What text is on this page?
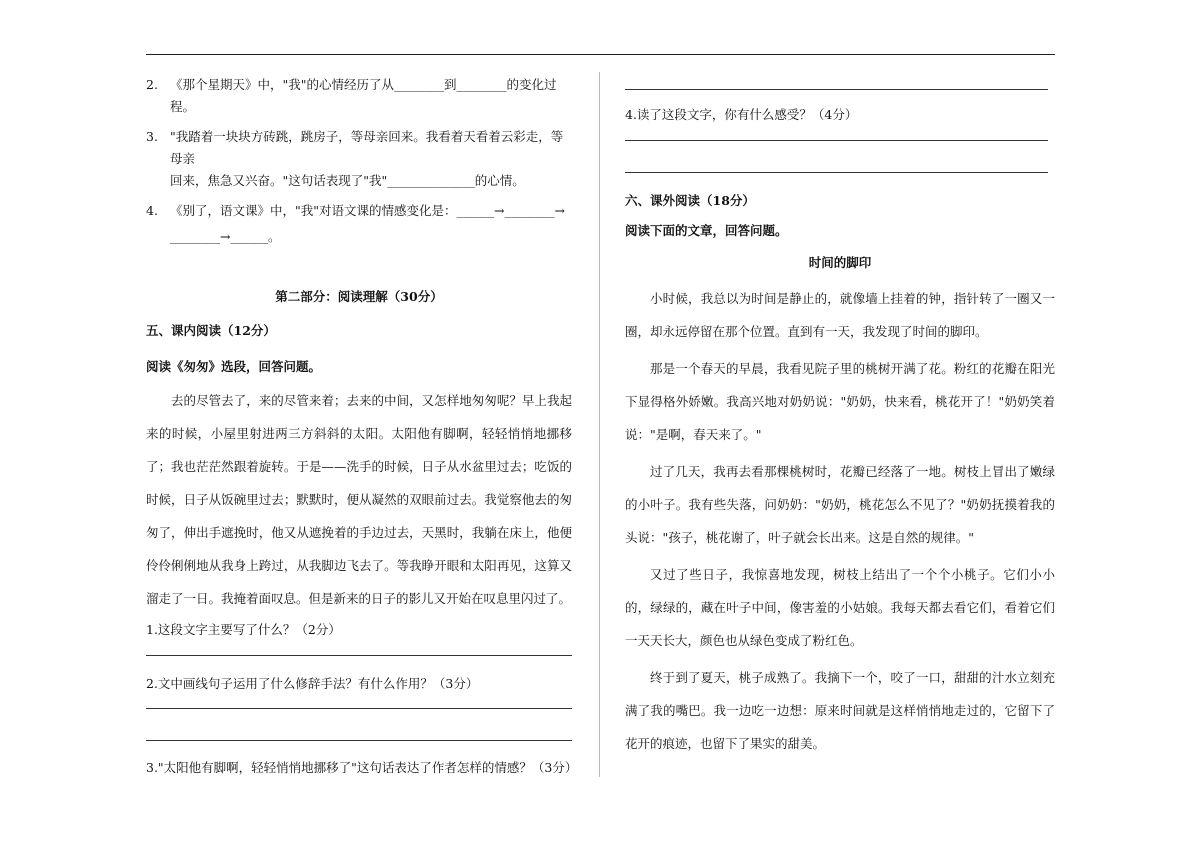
2. 《那个星期天》中，"我"的心情经历了从________到________的变化过程。
3. "我踏着一块块方砖跳，跳房子，等母亲回来。我看着天看着云彩走，等母亲

回来，焦急又兴奋。"这句话表现了"我"______________的心情。

4. 《别了，语文课》中，"我"对语文课的情感变化是：______→________→

________→______。

第二部分：阅读理解（30分）

五、课内阅读（12分）

阅读《匆匆》选段，回答问题。

去的尽管去了，来的尽管来着；去来的中间，又怎样地匆匆呢？早上我起来的时候，小屋里射进两三方斜斜的太阳。太阳他有脚啊，轻轻悄悄地挪移了；我也茫茫然跟着旋转。于是——洗手的时候，日子从水盆里过去；吃饭的时候，日子从饭碗里过去；默默时，便从凝然的双眼前过去。我觉察他去的匆匆了，伸出手遮挽时，他又从遮挽着的手边过去，天黑时，我躺在床上，他便伶伶俐俐地从我身上跨过，从我脚边飞去了。等我睁开眼和太阳再见，这算又溜走了一日。我掩着面叹息。但是新来的日子的影儿又开始在叹息里闪过了。

1.这段文字主要写了什么？（2分）

2.文中画线句子运用了什么修辞手法？有什么作用？（3分）

3."太阳他有脚啊，轻轻悄悄地挪移了"这句话表达了作者怎样的情感？（3分）

4.读了这段文字，你有什么感受？（4分）

六、课外阅读（18分）

阅读下面的文章，回答问题。

时间的脚印

小时候，我总以为时间是静止的，就像墙上挂着的钟，指针转了一圈又一圈，却永远停留在那个位置。直到有一天，我发现了时间的脚印。

那是一个春天的早晨，我看见院子里的桃树开满了花。粉红的花瓣在阳光下显得格外娇嫩。我高兴地对奶奶说："奶奶，快来看，桃花开了！"奶奶笑着说："是啊，春天来了。"

过了几天，我再去看那棵桃树时，花瓣已经落了一地。树枝上冒出了嫩绿的小叶子。我有些失落，问奶奶："奶奶，桃花怎么不见了？"奶奶抚摸着我的头说："孩子，桃花谢了，叶子就会长出来。这是自然的规律。"

又过了些日子，我惊喜地发现，树枝上结出了一个个小桃子。它们小小的，绿绿的，藏在叶子中间，像害羞的小姑娘。我每天都去看它们，看着它们一天天长大，颜色也从绿色变成了粉红色。

终于到了夏天，桃子成熟了。我摘下一个，咬了一口，甜甜的汁水立刻充满了我的嘴巴。我一边吃一边想：原来时间就是这样悄悄地走过的，它留下了花开的痕迹，也留下了果实的甜美。
